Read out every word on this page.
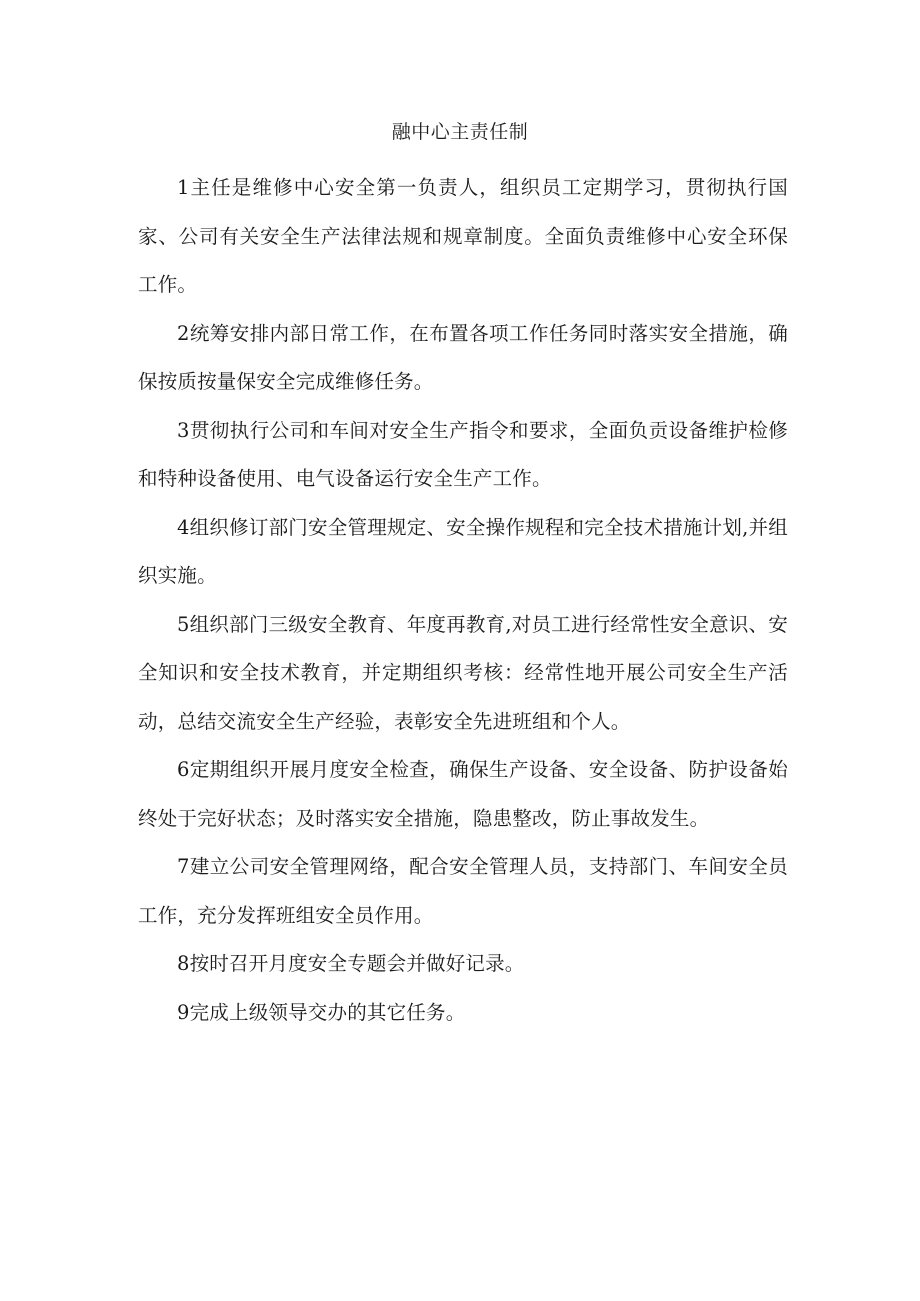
融中心主责任制

1主任是维修中心安全第一负责人，组织员工定期学习，贯彻执行国家、公司有关安全生产法律法规和规章制度。全面负责维修中心安全环保工作。

2统筹安排内部日常工作，在布置各项工作任务同时落实安全措施，确保按质按量保安全完成维修任务。

3贯彻执行公司和车间对安全生产指令和要求，全面负贡设备维护检修和特种设备使用、电气设备运行安全生产工作。

4组织修订部门安全管理规定、安全操作规程和完全技术措施计划,并组织实施。

5组织部门三级安全教育、年度再教育,对员工进行经常性安全意识、安全知识和安全技术教育，并定期组织考核：经常性地开展公司安全生产活动，总结交流安全生产经验，表彰安全先进班组和个人。

6定期组织开展月度安全检查，确保生产设备、安全设备、防护设备始终处于完好状态；及时落实安全措施，隐患整改，防止事故发生。

7建立公司安全管理网络，配合安全管理人员，支持部门、车间安全员工作，充分发挥班组安全员作用。

8按时召开月度安全专题会并做好记录。

9完成上级领导交办的其它任务。
